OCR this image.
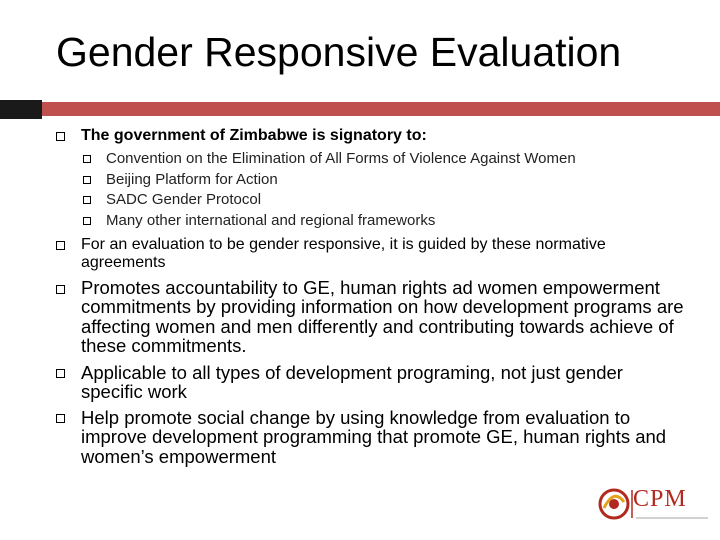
Gender Responsive Evaluation
The government of Zimbabwe is signatory to:
Convention on the Elimination of All Forms of Violence Against Women
Beijing Platform for Action
SADC Gender Protocol
Many other international and regional frameworks
For an evaluation to be gender responsive, it is guided by these normative agreements
Promotes accountability to GE, human rights ad women empowerment commitments by providing information on how development programs are affecting women and men differently and contributing towards achieve of these commitments.
Applicable to all types of development programing, not just gender specific work
Help promote social change by using knowledge from evaluation to improve development programming that promote GE, human rights and women’s empowerment
CPM
